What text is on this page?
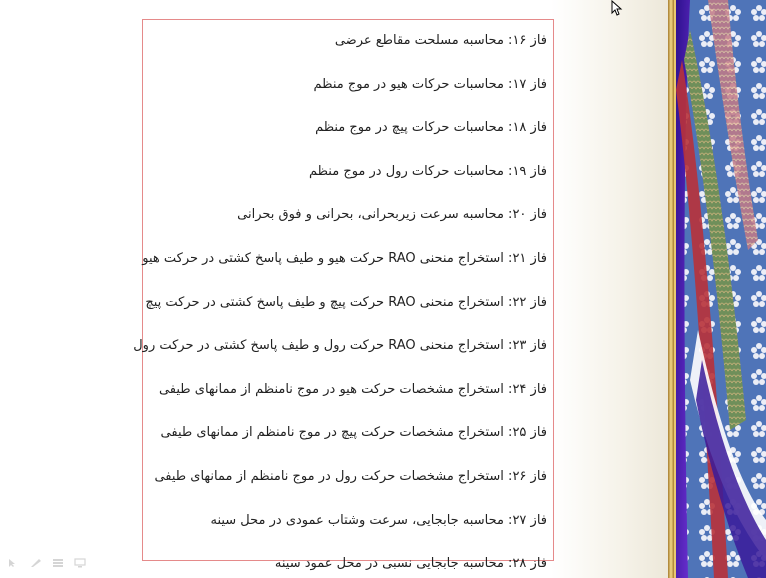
فاز ۱۶: محاسبه مسلحت مقاطع عرضی
فاز ۱۷: محاسبات حرکات هیو در موج منظم
فاز ۱۸: محاسبات حرکات پیچ در موج منظم
فاز ۱۹: محاسبات حرکات رول در موج منظم
فاز ۲۰: محاسبه سرعت زیربحرانی، بحرانی و فوق بحرانی
فاز ۲۱: استخراج منحنی RAO حرکت هیو و طیف پاسخ کشتی در حرکت هیو
فاز ۲۲: استخراج منحنی RAO حرکت پیچ و طیف پاسخ کشتی در حرکت پیچ
فاز ۲۳: استخراج منحنی RAO حرکت رول و طیف پاسخ کشتی در حرکت رول
فاز ۲۴: استخراج مشخصات حرکت هیو در موج نامنظم از ممانهای طیفی
فاز ۲۵: استخراج مشخصات حرکت پیچ در موج نامنظم از ممانهای طیفی
فاز ۲۶: استخراج مشخصات حرکت رول در موج نامنظم از ممانهای طیفی
فاز ۲۷: محاسبه جابجایی، سرعت وشتاب عمودی در محل سینه
فاز ۲۸: محاسبه جابجایی نسبی در محل عمود سینه
